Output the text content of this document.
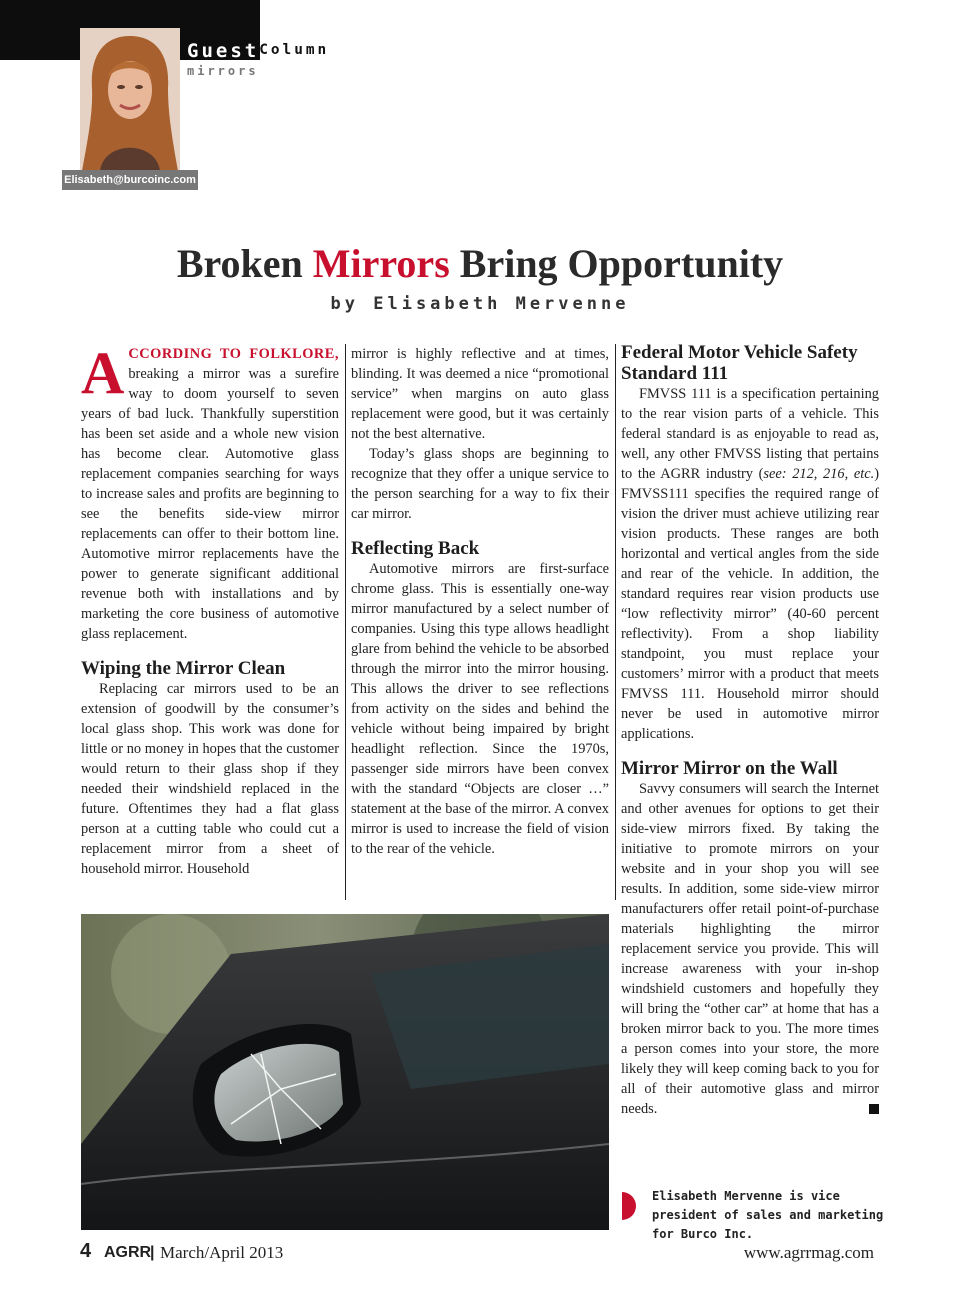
Elisabeth@burcoinc.com
Guest Column
mirrors
Broken Mirrors Bring Opportunity
by Elisabeth Mervenne

ACCORDING TO FOLKLORE, breaking a mirror was a surefire way to doom yourself to seven years of bad luck. Thankfully superstition has been set aside and a whole new vision has become clear. Automotive glass replacement companies searching for ways to increase sales and profits are beginning to see the benefits side-view mirror replacements can offer to their bottom line. Automotive mirror replacements have the power to generate significant additional revenue both with installations and by marketing the core business of automotive glass replacement.

Wiping the Mirror Clean

Replacing car mirrors used to be an extension of goodwill by the consumer’s local glass shop. This work was done for little or no money in hopes that the customer would return to their glass shop if they needed their windshield replaced in the future. Oftentimes they had a flat glass person at a cutting table who could cut a replacement mirror from a sheet of household mirror. Household

mirror is highly reflective and at times, blinding. It was deemed a nice “promotional service” when margins on auto glass replacement were good, but it was certainly not the best alternative.

Today’s glass shops are beginning to recognize that they offer a unique service to the person searching for a way to fix their car mirror.

Reflecting Back

Automotive mirrors are first-surface chrome glass. This is essentially one-way mirror manufactured by a select number of companies. Using this type allows headlight glare from behind the vehicle to be absorbed through the mirror into the mirror housing. This allows the driver to see reflections from activity on the sides and behind the vehicle without being impaired by bright headlight reflection. Since the 1970s, passenger side mirrors have been convex with the standard “Objects are closer …” statement at the base of the mirror. A convex mirror is used to increase the field of vision to the rear of the vehicle.

Federal Motor Vehicle Safety Standard 111

FMVSS 111 is a specification pertaining to the rear vision parts of a vehicle. This federal standard is as enjoyable to read as, well, any other FMVSS listing that pertains to the AGRR industry (see: 212, 216, etc.) FMVSS111 specifies the required range of vision the driver must achieve utilizing rear vision products. These ranges are both horizontal and vertical angles from the side and rear of the vehicle. In addition, the standard requires rear vision products use “low reflectivity mirror” (40-60 percent reflectivity). From a shop liability standpoint, you must replace your customers’ mirror with a product that meets FMVSS 111. Household mirror should never be used in automotive mirror applications.

Mirror Mirror on the Wall

Savvy consumers will search the Internet and other avenues for options to get their side-view mirrors fixed. By taking the initiative to promote mirrors on your website and in your shop you will see results. In addition, some side-view mirror manufacturers offer retail point-of-purchase materials highlighting the mirror replacement service you provide. This will increase awareness with your in-shop windshield customers and hopefully they will bring the “other car” at home that has a broken mirror back to you. The more times a person comes into your store, the more likely they will keep coming back to you for all of their automotive glass and mirror needs.

Elisabeth Mervenne is vice president of sales and marketing for Burco Inc.
4 AGRR
| March/April 2013	www.agrrmag.com
